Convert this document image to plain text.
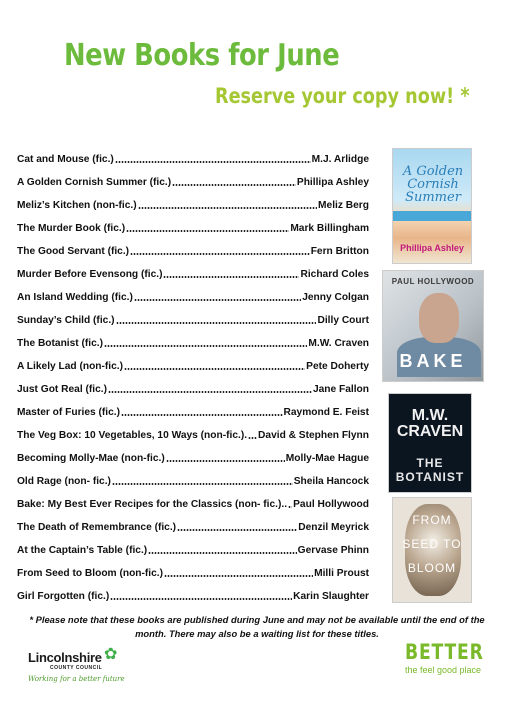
New Books for June
Reserve your copy now! *
Cat and Mouse (fic.)	M.J. Arlidge
A Golden Cornish Summer (fic.)	Phillipa Ashley
Meliz’s Kitchen (non-fic.)	Meliz Berg
The Murder Book (fic.)	Mark Billingham
The Good Servant (fic.)	Fern Britton
Murder Before Evensong (fic.)	Richard Coles
An Island Wedding (fic.)	Jenny Colgan
Sunday’s Child (fic.)	Dilly Court
The Botanist (fic.)	M.W. Craven
A Likely Lad (non-fic.)	Pete Doherty
Just Got Real (fic.)	Jane Fallon
Master of Furies (fic.)	Raymond E. Feist
The Veg Box: 10 Vegetables, 10 Ways (non-fic.). David & Stephen Flynn
Becoming Molly-Mae (non-fic.)	Molly-Mae Hague
Old Rage (non- fic.)	Sheila Hancock
Bake: My Best Ever Recipes for the Classics (non- fic.).. Paul Hollywood
The Death of Remembrance (fic.)	Denzil Meyrick
At the Captain’s Table (fic.)	Gervase Phinn
From Seed to Bloom (non-fic.)	Milli Proust
Girl Forgotten (fic.)	Karin Slaughter
A Golden Cornish Summer
Phillipa Ashley
PAUL HOLLYWOOD
BAKE
M.W. CRAVEN
THE BOTANIST
FROM SEED TO BLOOM
* Please note that these books are published during June and may not be available until the end of the month. There may also be a waiting list for these titles.
✿
Lincolnshire
COUNTY COUNCIL
Working for a better future
BETTER
the feel good place
